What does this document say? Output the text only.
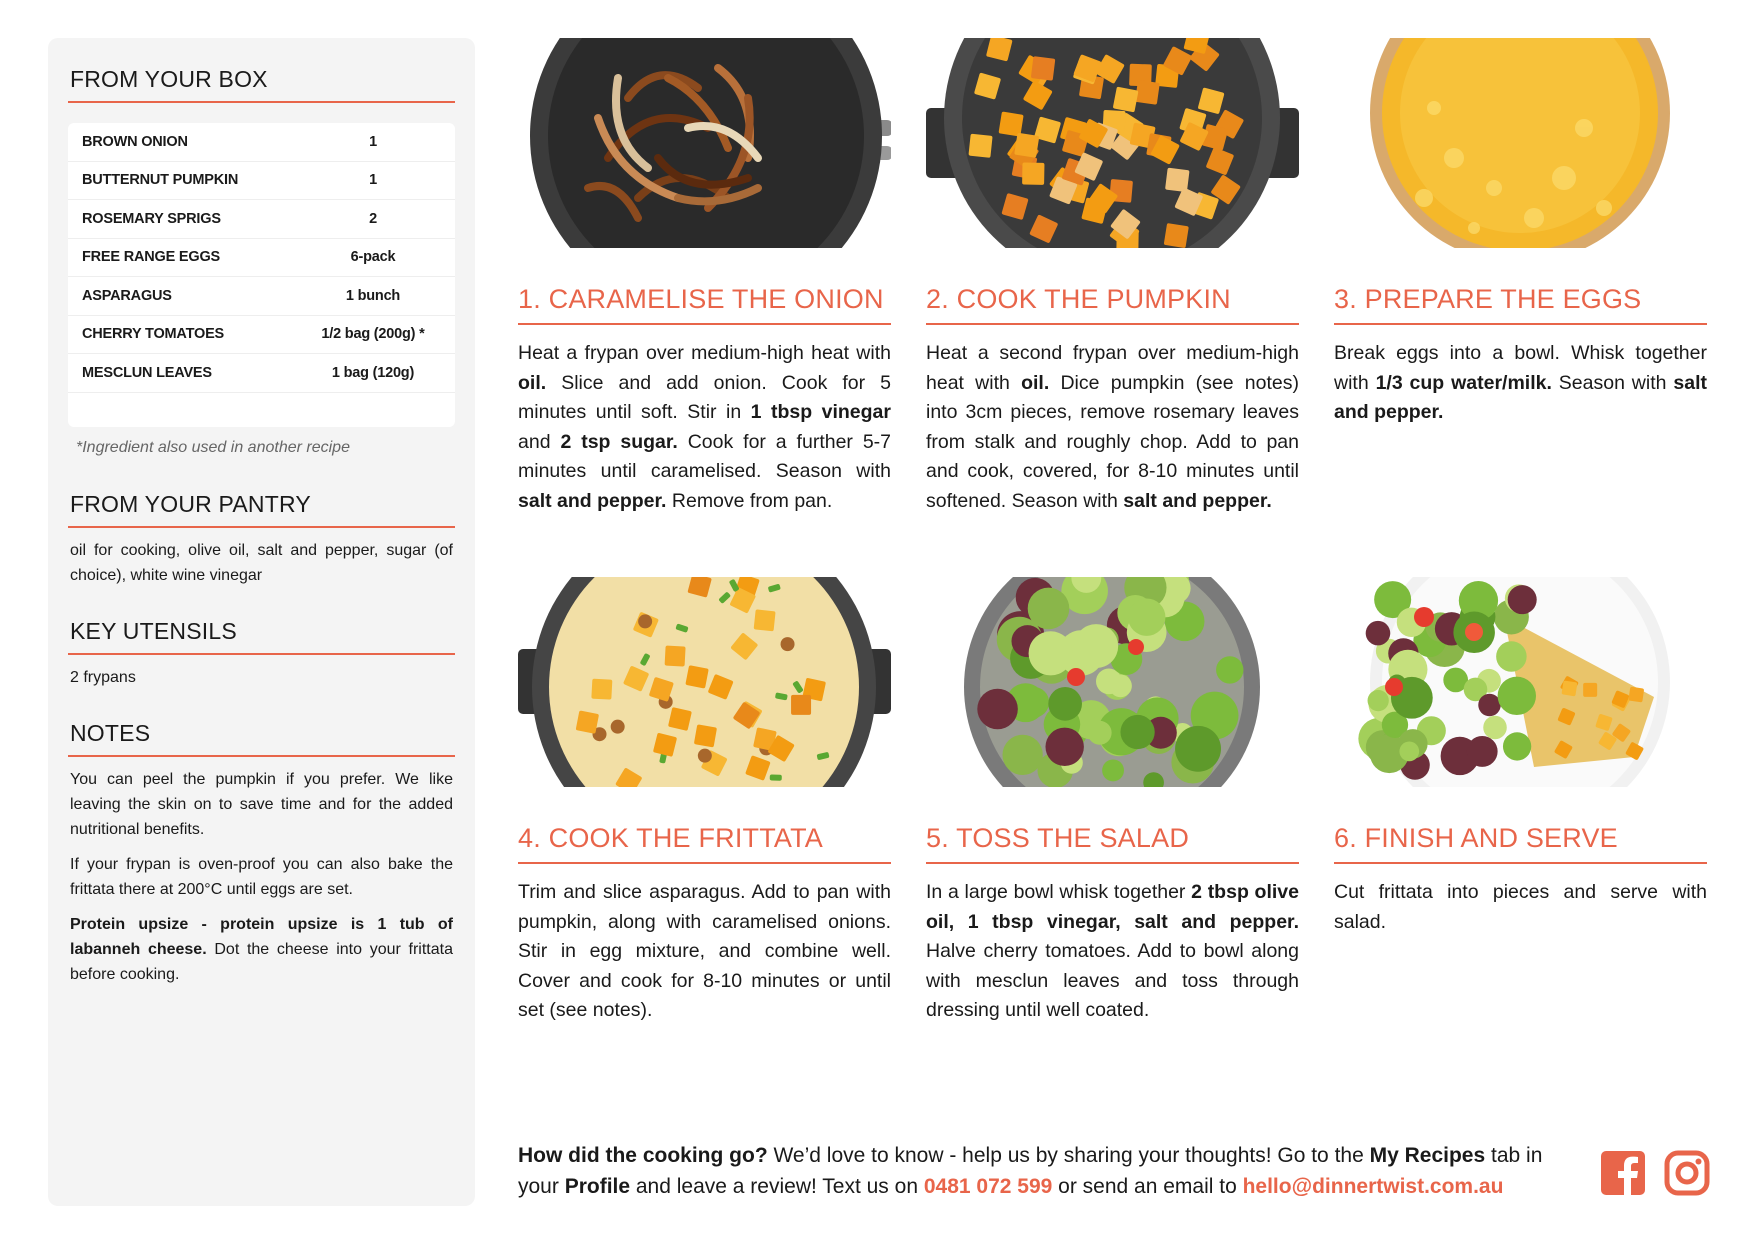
FROM YOUR BOX
BROWN ONION	1
BUTTERNUT PUMPKIN	1
ROSEMARY SPRIGS	2
FREE RANGE EGGS	6-pack
ASPARAGUS	1 bunch
CHERRY TOMATOES	1/2 bag (200g) *
MESCLUN LEAVES	1 bag (120g)
*Ingredient also used in another recipe
FROM YOUR PANTRY

oil for cooking, olive oil, salt and pepper, sugar (of choice), white wine vinegar

KEY UTENSILS

2 frypans

NOTES

You can peel the pumpkin if you prefer. We like leaving the skin on to save time and for the added nutritional benefits.

If your frypan is oven-proof you can also bake the frittata there at 200°C until eggs are set.

Protein upsize - protein upsize is 1 tub of labanneh cheese. Dot the cheese into your frittata before cooking.

1. CARAMELISE THE ONION
Heat a frypan over medium-high heat with oil. Slice and add onion. Cook for 5 minutes until soft. Stir in 1 tbsp vinegar and 2 tsp sugar. Cook for a further 5-7 minutes until caramelised. Season with salt and pepper. Remove from pan.
2. COOK THE PUMPKIN
Heat a second frypan over medium-high heat with oil. Dice pumpkin (see notes) into 3cm pieces, remove rosemary leaves from stalk and roughly chop. Add to pan and cook, covered, for 8-10 minutes until softened. Season with salt and pepper.
3. PREPARE THE EGGS
Break eggs into a bowl. Whisk together with 1/3 cup water/milk. Season with salt and pepper.
4. COOK THE FRITTATA
Trim and slice asparagus. Add to pan with pumpkin, along with caramelised onions. Stir in egg mixture, and combine well. Cover and cook for 8-10 minutes or until set (see notes).
5. TOSS THE SALAD
In a large bowl whisk together 2 tbsp olive oil, 1 tbsp vinegar, salt and pepper. Halve cherry tomatoes. Add to bowl along with mesclun leaves and toss through dressing until well coated.
6. FINISH AND SERVE
Cut frittata into pieces and serve with salad.
How did the cooking go? We’d love to know - help us by sharing your thoughts! Go to the My Recipes tab in your Profile and leave a review! Text us on 0481 072 599 or send an email to hello@dinnertwist.com.au
